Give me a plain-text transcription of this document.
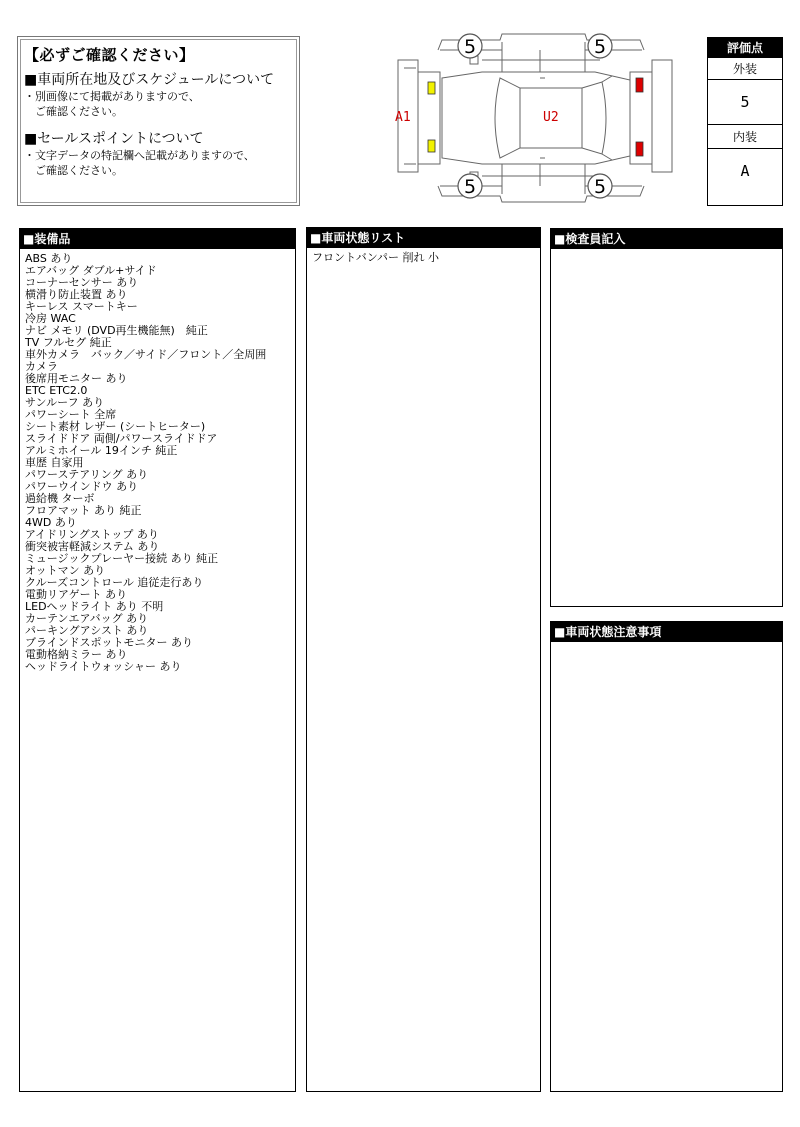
【必ずご確認ください】
■車両所在地及びスケジュールについて
・別画像にて掲載がありますので、
　ご確認ください。
■セールスポイントについて
・文字データの特記欄へ記載がありますので、
　ご確認ください。
5	5
5	5
A1	U2
評価点
外装
5
内装
A
■装備品
ABS あり
エアバッグ ダブル+サイド
コーナーセンサー あり
横滑り防止装置 あり
キーレス スマートキー
冷房 WAC
ナビ メモリ (DVD再生機能無)　純正
TV フルセグ 純正
車外カメラ　バック／サイド／フロント／全周囲
カメラ
後席用モニター あり
ETC ETC2.0
サンルーフ あり
パワーシート 全席
シート素材 レザー (シートヒーター)
スライドドア 両側/パワースライドドア
アルミホイール 19インチ 純正
車歴 自家用
パワーステアリング あり
パワーウインドウ あり
過給機 ターボ
フロアマット あり 純正
4WD あり
アイドリングストップ あり
衝突被害軽減システム あり
ミュージックプレーヤー接続 あり 純正
オットマン あり
クルーズコントロール 追従走行あり
電動リアゲート あり
LEDヘッドライト あり 不明
カーテンエアバッグ あり
パーキングアシスト あり
ブラインドスポットモニター あり
電動格納ミラー あり
ヘッドライトウォッシャー あり
■車両状態リスト
フロントバンパー 削れ 小
■検査員記入
■車両状態注意事項
